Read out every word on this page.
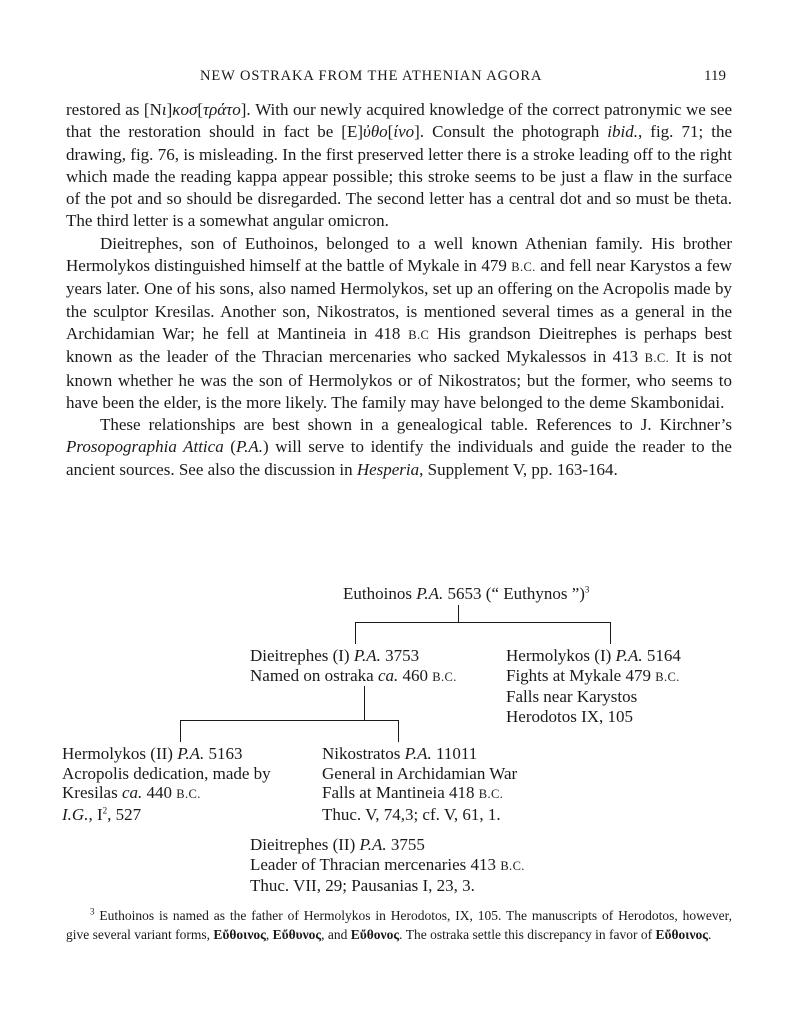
NEW OSTRAKA FROM THE ATHENIAN AGORA	119

restored as [Nι]κοσ[τράτο]. With our newly acquired knowledge of the correct patronymic we see that the restoration should in fact be [E]ὐθο[ίνο]. Consult the photograph ibid., fig. 71; the drawing, fig. 76, is misleading. In the first preserved letter there is a stroke leading off to the right which made the reading kappa appear possible; this stroke seems to be just a flaw in the surface of the pot and so should be disregarded. The second letter has a central dot and so must be theta. The third letter is a somewhat angular omicron.

Dieitrephes, son of Euthoinos, belonged to a well known Athenian family. His brother Hermolykos distinguished himself at the battle of Mykale in 479 B.C. and fell near Karystos a few years later. One of his sons, also named Hermolykos, set up an offering on the Acropolis made by the sculptor Kresilas. Another son, Nikostratos, is mentioned several times as a general in the Archidamian War; he fell at Mantineia in 418 B.C His grandson Dieitrephes is perhaps best known as the leader of the Thracian mercenaries who sacked Mykalessos in 413 B.C. It is not known whether he was the son of Hermolykos or of Nikostratos; but the former, who seems to have been the elder, is the more likely. The family may have belonged to the deme Skambonidai.

These relationships are best shown in a genealogical table. References to J. Kirchner’s Prosopographia Attica (P.A.) will serve to identify the individuals and guide the reader to the ancient sources. See also the discussion in Hesperia, Supplement V, pp. 163-164.

Euthoinos P.A. 5653 (“ Euthynos ”)$^3$
Dieitrephes (I) P.A. 3753
Named on ostraka ca. 460 B.C.
Hermolykos (I) P.A. 5164
Fights at Mykale 479 B.C.
Falls near Karystos
Herodotos IX, 105
Hermolykos (II) P.A. 5163
Acropolis dedication, made by
Kresilas ca. 440 B.C.
I.G., $I^2$, 527
Nikostratos P.A. 11011
General in Archidamian War
Falls at Mantineia 418 B.C.
Thuc. V, 74,3; cf. V, 61, 1.
Dieitrephes (II) P.A. 3755
Leader of Thracian mercenaries 413 B.C.
Thuc. VII, 29; Pausanias I, 23, 3.

$^3$ Euthoinos is named as the father of Hermolykos in Herodotos, IX, 105. The manuscripts of Herodotos, however, give several variant forms, Εὔθοινος, Εὔθυνος, and Εὔθονος. The ostraka settle this discrepancy in favor of Εὔθοινος.
